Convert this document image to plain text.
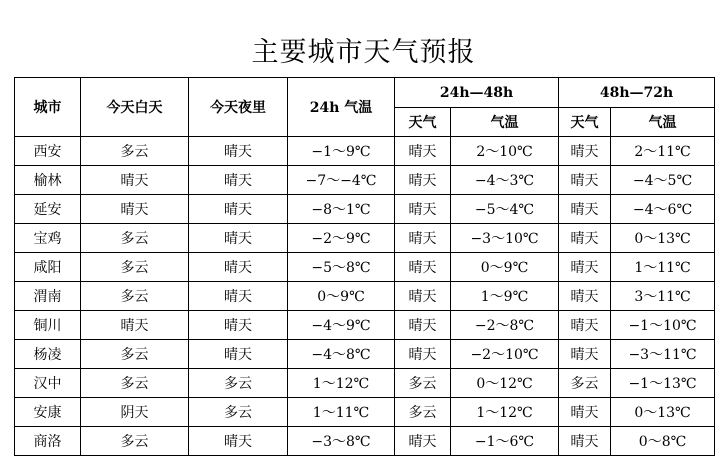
主要城市天气预报
城市	今天白天	今天夜里	24h 气温	24h—48h		48h—72h	
				天气	气温	天气	气温
西安	多云	晴天	−1～9℃	晴天	2～10℃	晴天	2～11℃
榆林	晴天	晴天	−7～−4℃	晴天	−4～3℃	晴天	−4～5℃
延安	晴天	晴天	−8～1℃	晴天	−5～4℃	晴天	−4～6℃
宝鸡	多云	晴天	−2～9℃	晴天	−3～10℃	晴天	0～13℃
咸阳	多云	晴天	−5～8℃	晴天	0～9℃	晴天	1～11℃
渭南	多云	晴天	0～9℃	晴天	1～9℃	晴天	3～11℃
铜川	晴天	晴天	−4～9℃	晴天	−2～8℃	晴天	−1～10℃
杨凌	多云	晴天	−4～8℃	晴天	−2～10℃	晴天	−3～11℃
汉中	多云	多云	1～12℃	多云	0～12℃	多云	−1～13℃
安康	阴天	多云	1～11℃	多云	1～12℃	晴天	0～13℃
商洛	多云	晴天	−3～8℃	晴天	−1～6℃	晴天	0～8℃
